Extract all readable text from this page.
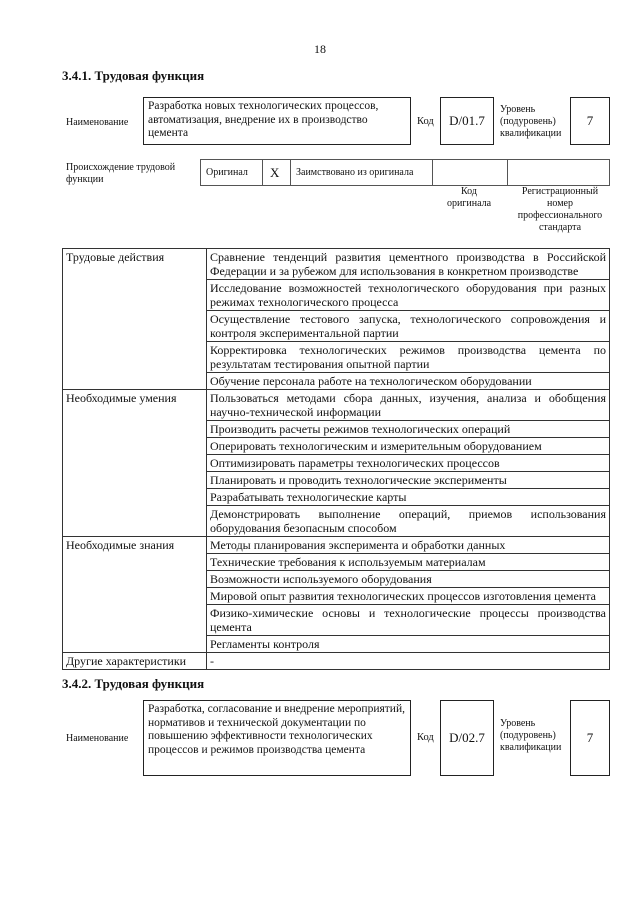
18
3.4.1. Трудовая функция
Наименование
Разработка новых технологических процессов, автоматизация, внедрение их в производство цемента
Код D/01.7
Уровень (подуровень) квалификации
7
Происхождение трудовой функции
Оригинал X Заимствовано из оригинала
Код оригинала
Регистрационный номер профессионального стандарта
Трудовые действия	Сравнение тенденций развития цементного производства в Российской Федерации и за рубежом для использования в конкретном производстве
	Исследование возможностей технологического оборудования при разных режимах технологического процесса
	Осуществление тестового запуска, технологического сопровождения и контроля экспериментальной партии
	Корректировка технологических режимов производства цемента по результатам тестирования опытной партии
	Обучение персонала работе на технологическом оборудовании
Необходимые умения	Пользоваться методами сбора данных, изучения, анализа и обобщения научно-технической информации
	Производить расчеты режимов технологических операций
	Оперировать технологическим и измерительным оборудованием
	Оптимизировать параметры технологических процессов
	Планировать и проводить технологические эксперименты
	Разрабатывать технологические карты
	Демонстрировать выполнение операций, приемов использования оборудования безопасным способом
Необходимые знания	Методы планирования эксперимента и обработки данных
	Технические требования к используемым материалам
	Возможности используемого оборудования
	Мировой опыт развития технологических процессов изготовления цемента
	Физико-химические основы и технологические процессы производства цемента
	Регламенты контроля
Другие характеристики	-
3.4.2. Трудовая функция
Наименование
Разработка, согласование и внедрение мероприятий, нормативов и технической документации по повышению эффективности технологических процессов и режимов производства цемента
Код D/02.7
Уровень (подуровень) квалификации
7
